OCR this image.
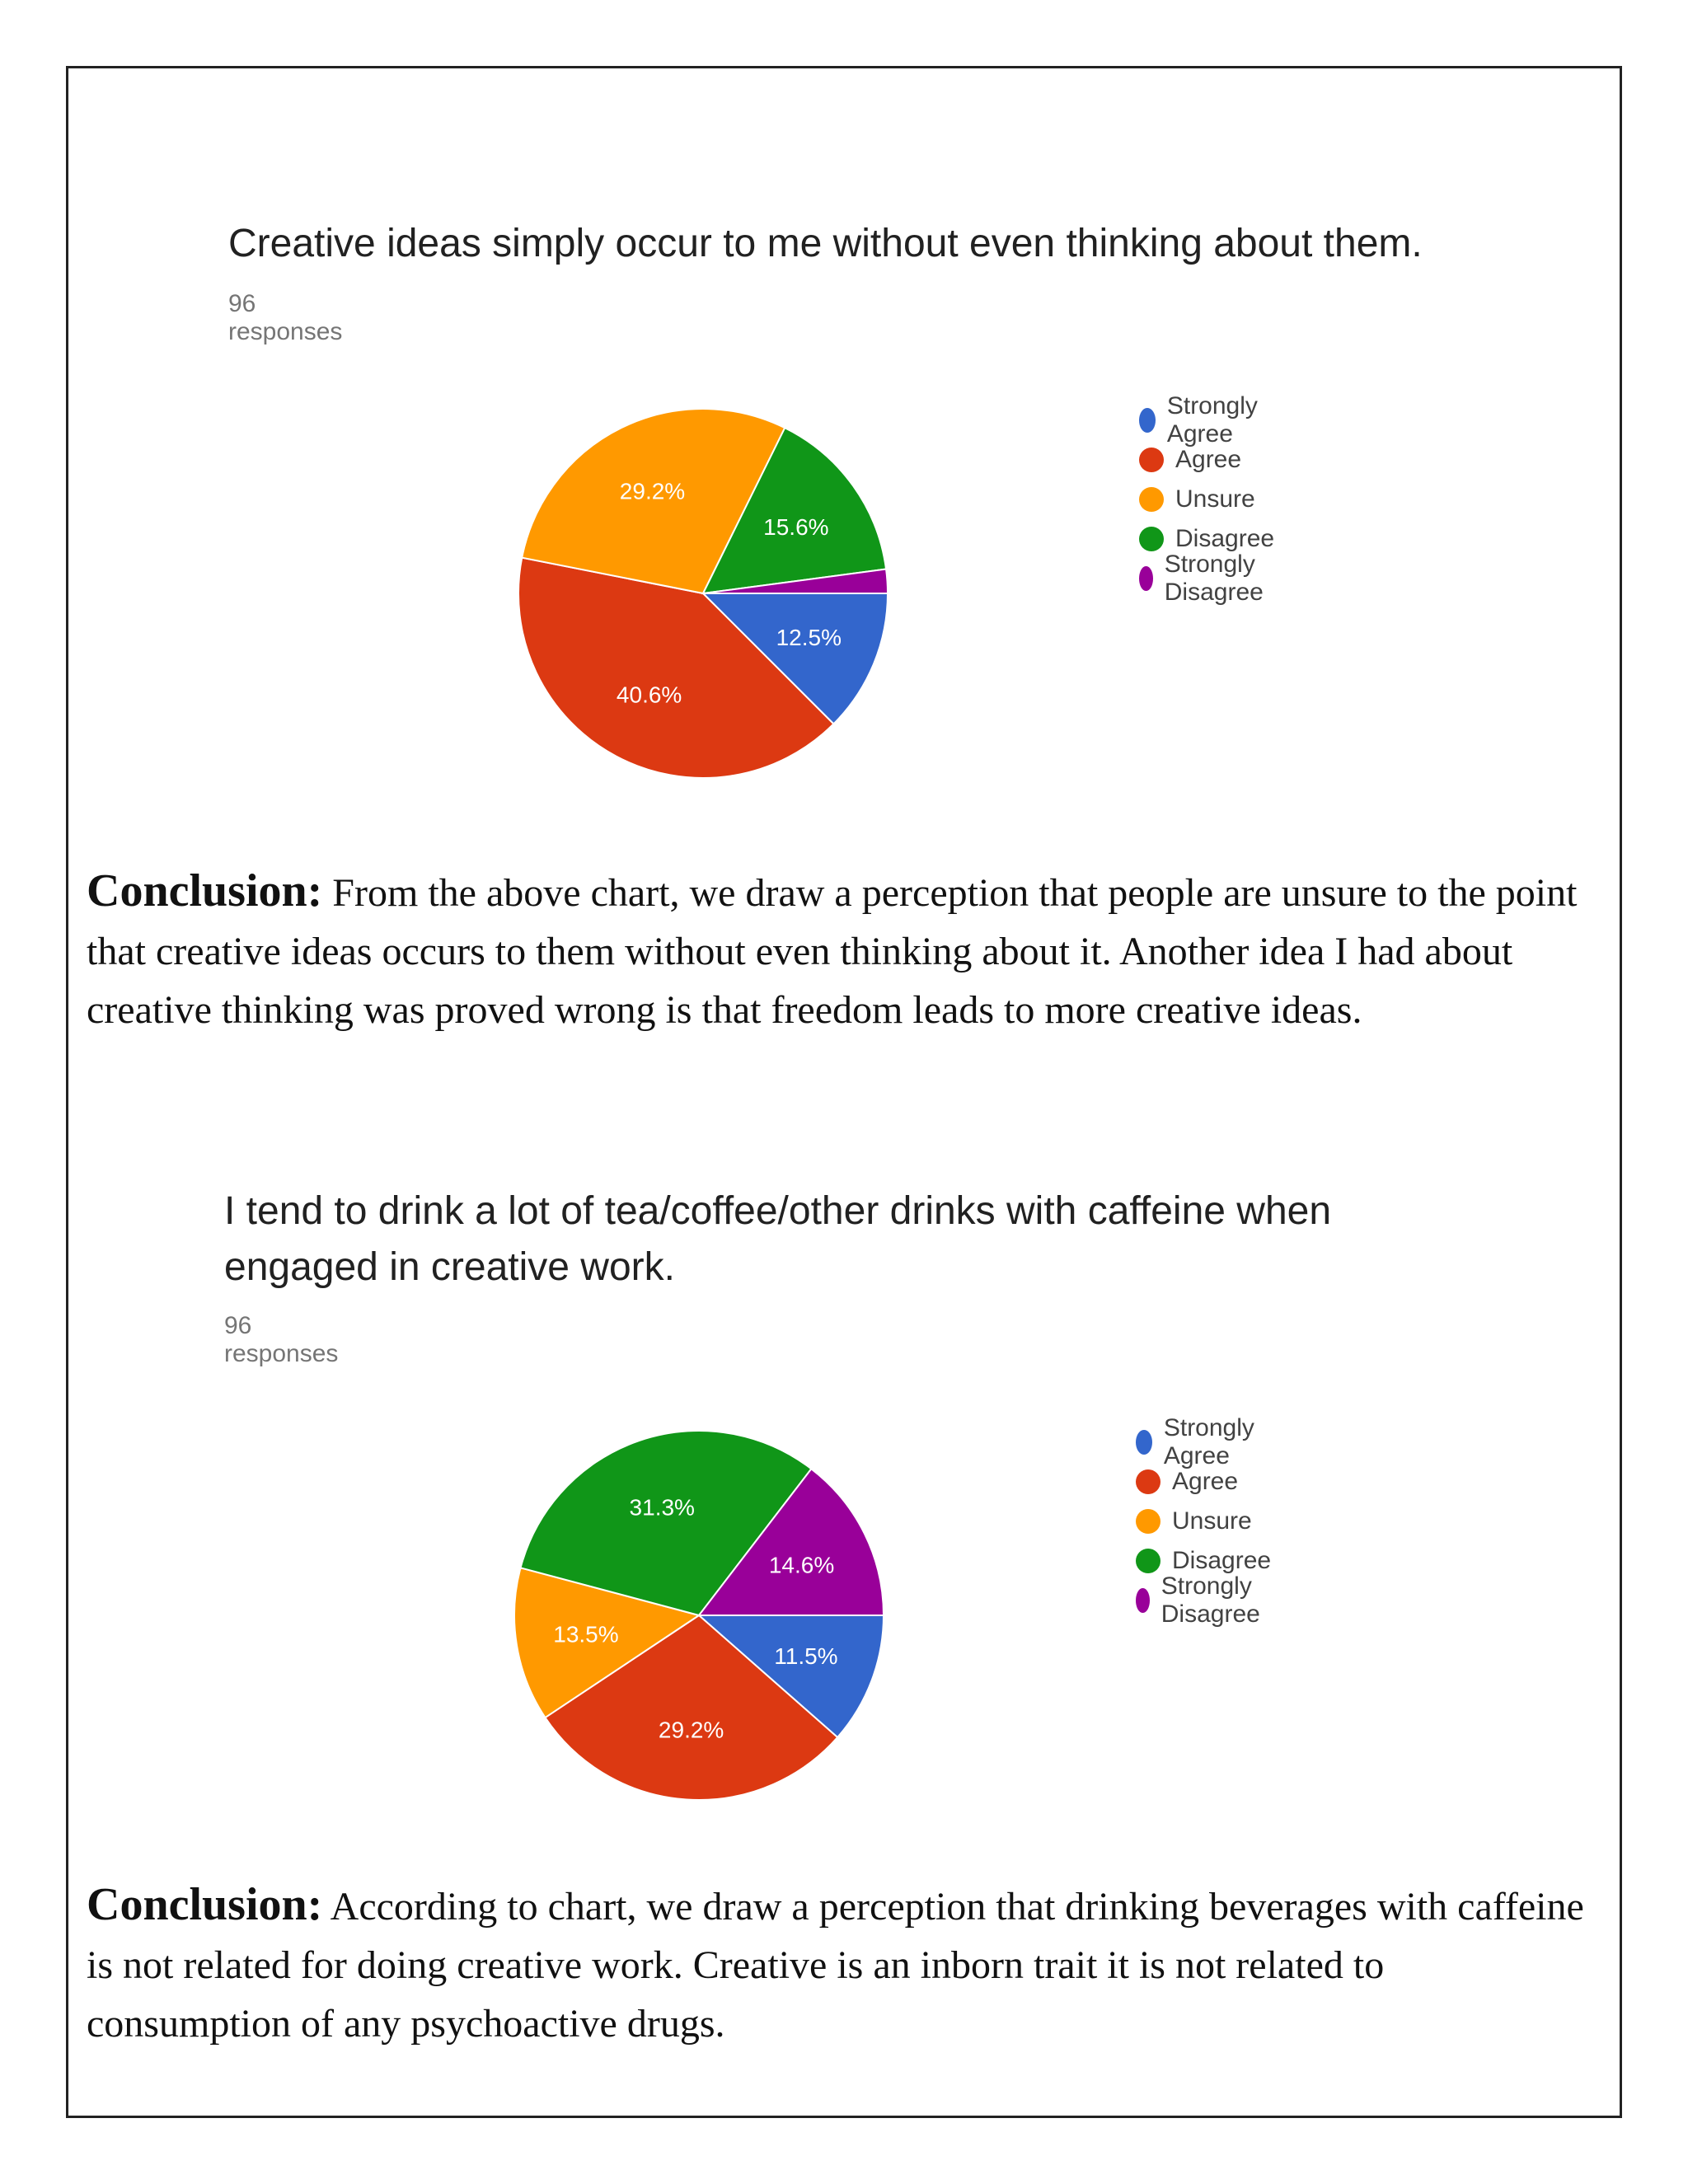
Creative ideas simply occur to me without even thinking about them.
96 responses
12.5%
40.6%
29.2%
15.6%
Strongly Agree
Agree
Unsure
Disagree
Strongly Disagree

Conclusion: From the above chart, we draw a perception that people are unsure to the point that creative ideas occurs to them without even thinking about it. Another idea I had about creative thinking was proved wrong is that freedom leads to more creative ideas.

I tend to drink a lot of tea/coffee/other drinks with caffeine when engaged in creative work.
96 responses
Strongly Agree
Agree
Unsure
Disagree
Strongly Disagree
11.5%
29.2%
13.5%
31.3%
14.6%

Conclusion: According to chart, we draw a perception that drinking beverages with caffeine is not related for doing creative work. Creative is an inborn trait it is not related to consumption of any psychoactive drugs.
